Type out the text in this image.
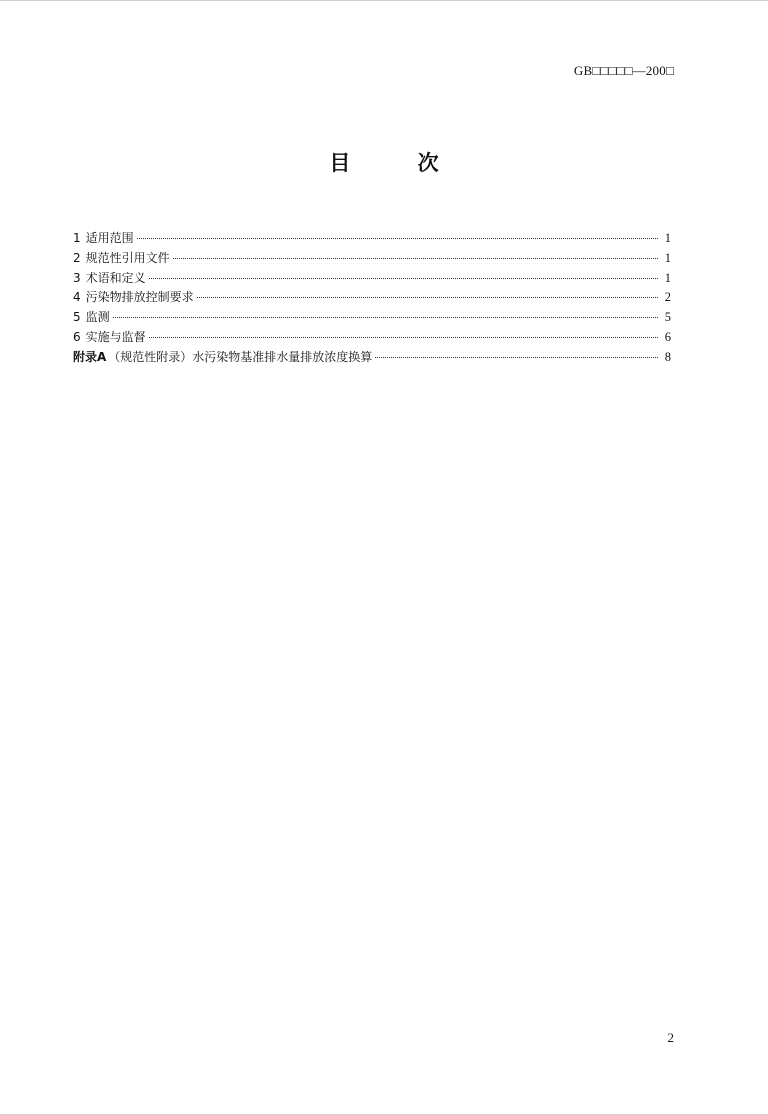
GB□□□□□—200□
目 次
1 适用范围	1
2 规范性引用文件	1
3 术语和定义	1
4 污染物排放控制要求	2
5 监测	5
6 实施与监督	6
附录A （规范性附录）水污染物基准排水量排放浓度换算	8
2
